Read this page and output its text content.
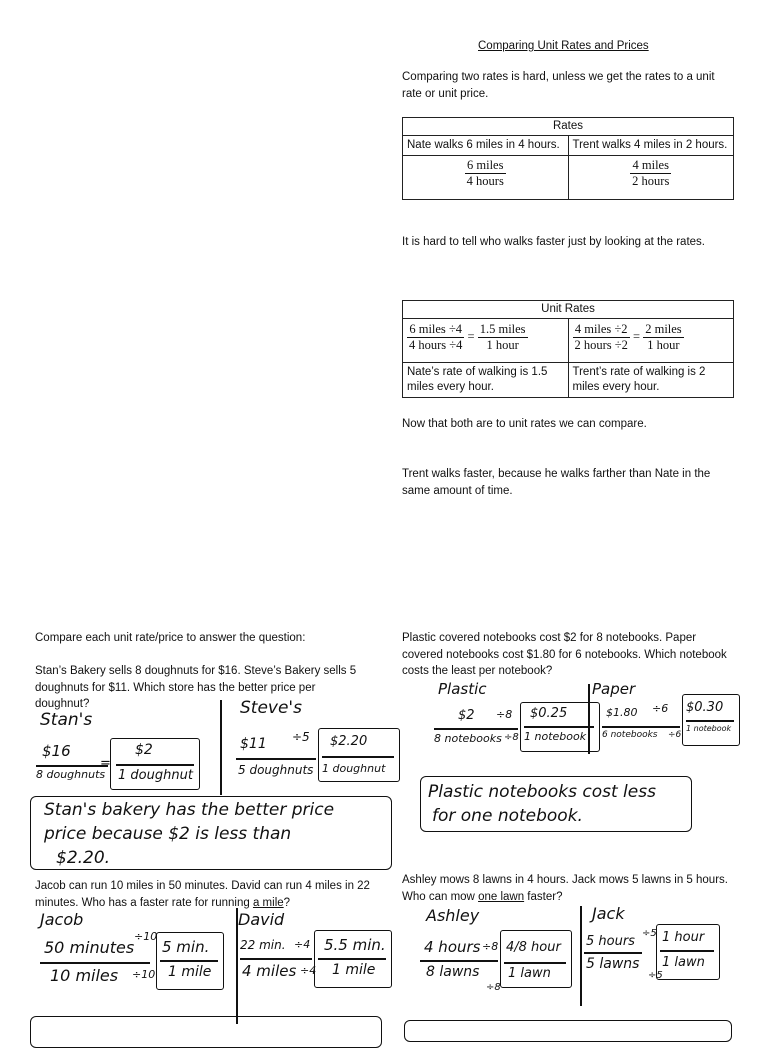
Comparing Unit Rates and Prices

Comparing two rates is hard, unless we get the rates to a unit rate or unit price.

Rates	
Nate walks 6 miles in 4 hours.	Trent walks 4 miles in 2 hours.

$\frac{\text{6 miles}}{\text{4 hours}}$	$\frac{\text{4 miles}}{\text{2 hours}}$

It is hard to tell who walks faster just by looking at the rates.

Unit Rates	

$\frac{\text{6 miles ÷4}}{\text{4 hours ÷4}} = \frac{\text{1.5 miles}}{\text{1 hour}}$	$\frac{\text{4 miles ÷2}}{\text{2 hours ÷2}} = \frac{\text{2 miles}}{\text{1 hour}}$

Nate’s rate of walking is 1.5 miles every hour.	Trent’s rate of walking is 2 miles every hour.

Now that both are to unit rates we can compare.

Trent walks faster, because he walks farther than Nate in the same amount of time.

Compare each unit rate/price to answer the question:

Stan’s Bakery sells 8 doughnuts for $16. Steve’s Bakery sells 5 doughnuts for $11. Which store has the better price per doughnut?

Stan's
Steve's
$16
8 doughnuts
=
$2
1 doughnut
$11 ÷5
5 doughnuts
$2.20
1 doughnut
Stan's bakery has the better price
price because $2 is less than
$2.20.

Plastic covered notebooks cost $2 for 8 notebooks. Paper covered notebooks cost $1.80 for 6 notebooks. Which notebook costs the least per notebook?

Plastic	Paper
$2 ÷8
8 notebooks ÷8
$0.25
1 notebook
$1.80 ÷6
6 notebooks ÷6
$0.30
1 notebook
Plastic notebooks cost less
for one notebook.

Jacob can run 10 miles in 50 minutes. David can run 4 miles in 22 minutes. Who has a faster rate for running a mile?

Jacob	David
50 minutes
÷10
10 miles ÷10
5 min.
1 mile
22 min. ÷4
4 miles ÷4
5.5 min.
1 mile

Ashley mows 8 lawns in 4 hours. Jack mows 5 lawns in 5 hours. Who can mow one lawn faster?

Ashley	Jack
4 hours ÷8
8 lawns
÷8
4/8 hour
1 lawn
5 hours
÷5
5 lawns
÷5
1 hour
1 lawn
